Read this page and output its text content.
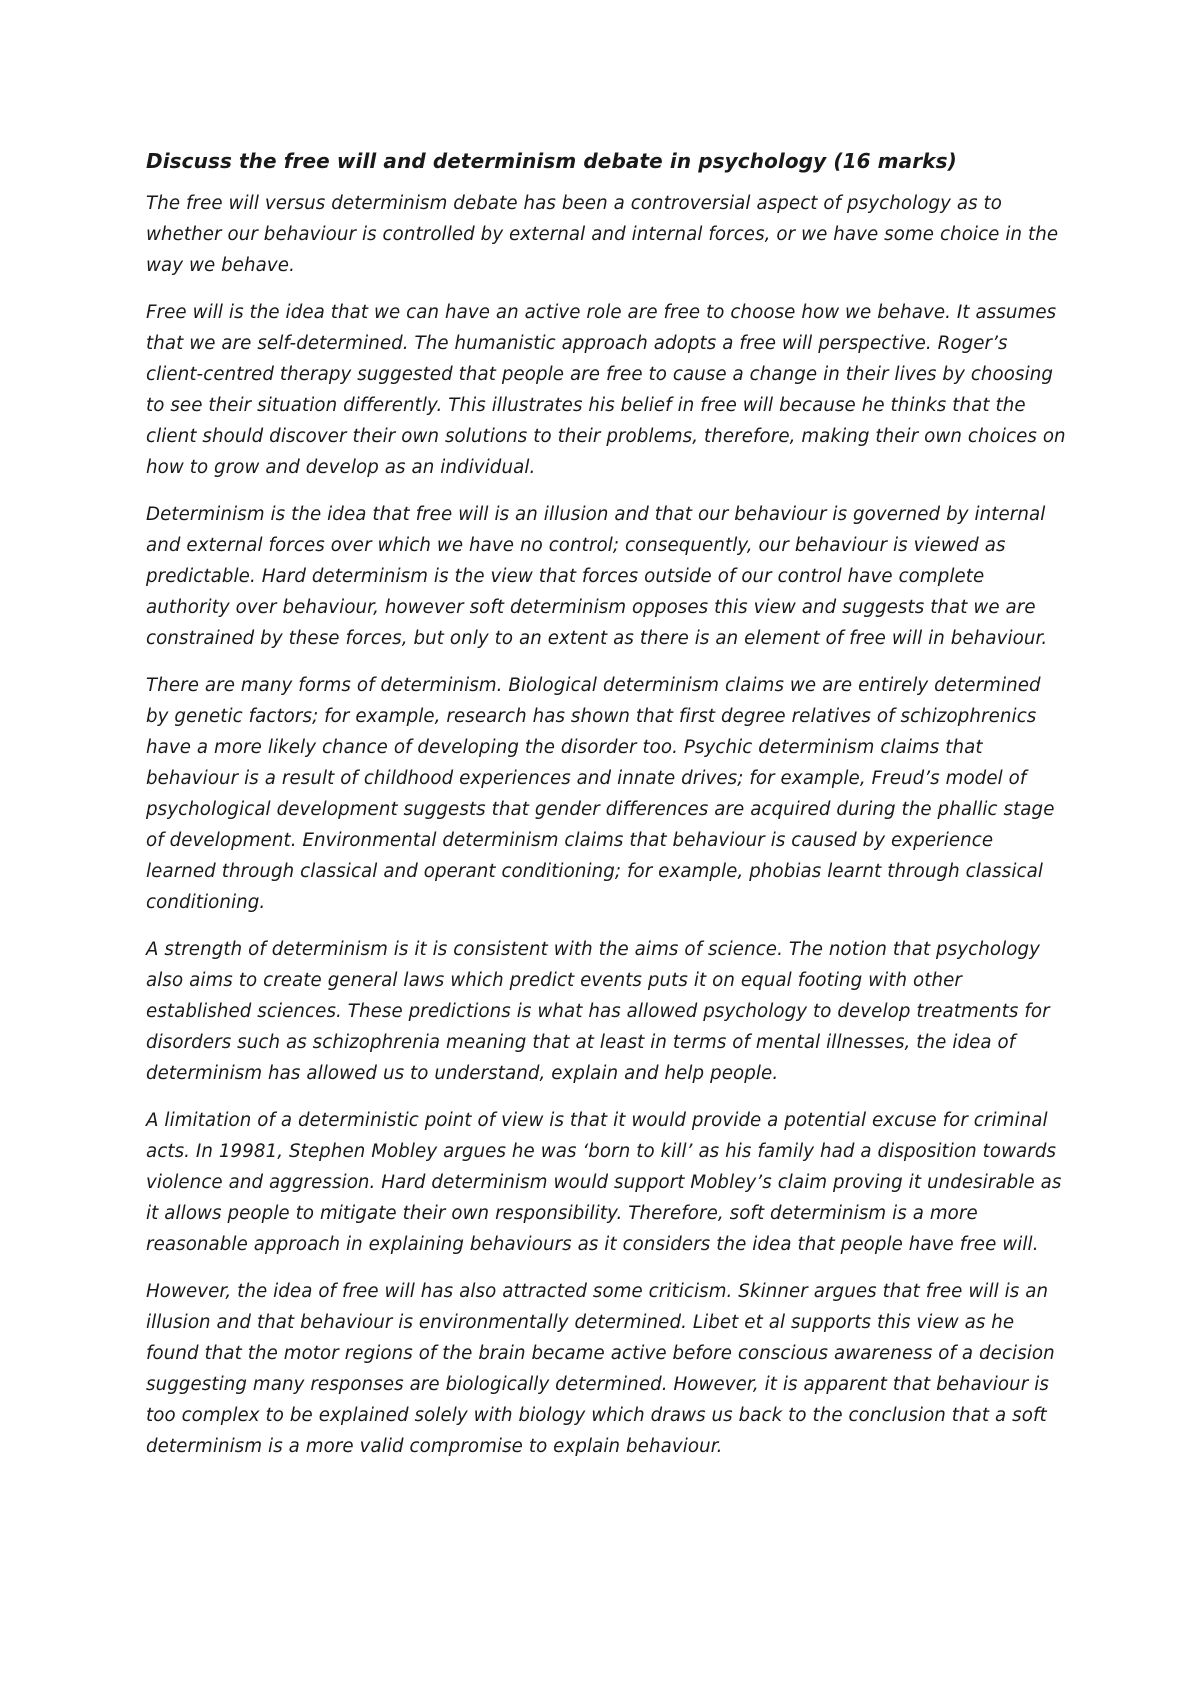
Discuss the free will and determinism debate in psychology (16 marks)

The free will versus determinism debate has been a controversial aspect of psychology as to whether our behaviour is controlled by external and internal forces, or we have some choice in the way we behave.

Free will is the idea that we can have an active role are free to choose how we behave. It assumes that we are self-determined. The humanistic approach adopts a free will perspective. Roger’s client-centred therapy suggested that people are free to cause a change in their lives by choosing to see their situation differently. This illustrates his belief in free will because he thinks that the client should discover their own solutions to their problems, therefore, making their own choices on how to grow and develop as an individual.

Determinism is the idea that free will is an illusion and that our behaviour is governed by internal and external forces over which we have no control; consequently, our behaviour is viewed as predictable. Hard determinism is the view that forces outside of our control have complete authority over behaviour, however soft determinism opposes this view and suggests that we are constrained by these forces, but only to an extent as there is an element of free will in behaviour.

There are many forms of determinism. Biological determinism claims we are entirely determined by genetic factors; for example, research has shown that first degree relatives of schizophrenics have a more likely chance of developing the disorder too. Psychic determinism claims that behaviour is a result of childhood experiences and innate drives; for example, Freud’s model of psychological development suggests that gender differences are acquired during the phallic stage of development. Environmental determinism claims that behaviour is caused by experience learned through classical and operant conditioning; for example, phobias learnt through classical conditioning.

A strength of determinism is it is consistent with the aims of science. The notion that psychology also aims to create general laws which predict events puts it on equal footing with other established sciences. These predictions is what has allowed psychology to develop treatments for disorders such as schizophrenia meaning that at least in terms of mental illnesses, the idea of determinism has allowed us to understand, explain and help people.

A limitation of a deterministic point of view is that it would provide a potential excuse for criminal acts. In 19981, Stephen Mobley argues he was ‘born to kill’ as his family had a disposition towards violence and aggression. Hard determinism would support Mobley’s claim proving it undesirable as it allows people to mitigate their own responsibility. Therefore, soft determinism is a more reasonable approach in explaining behaviours as it considers the idea that people have free will.

However, the idea of free will has also attracted some criticism. Skinner argues that free will is an illusion and that behaviour is environmentally determined. Libet et al supports this view as he found that the motor regions of the brain became active before conscious awareness of a decision suggesting many responses are biologically determined. However, it is apparent that behaviour is too complex to be explained solely with biology which draws us back to the conclusion that a soft determinism is a more valid compromise to explain behaviour.
